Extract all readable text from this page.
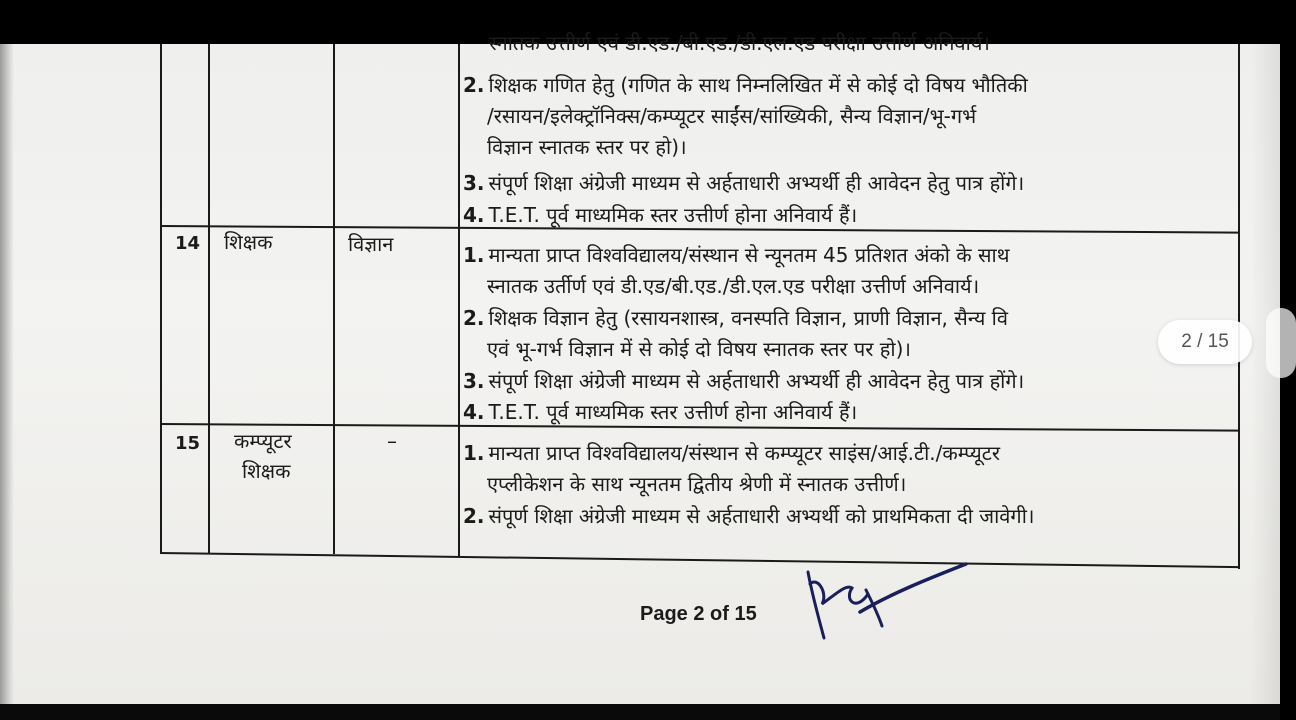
स्नातक उत्तीर्ण एवं डी.एड./बी.एड./डी.एल.एड परीक्षा उत्तीर्ण अनिवार्य।
2. शिक्षक गणित हेतु (गणित के साथ निम्नलिखित में से कोई दो विषय भौतिकी
/रसायन/इलेक्ट्रॉनिक्स/कम्प्यूटर साईंस/सांख्यिकी, सैन्य विज्ञान/भू-गर्भ
विज्ञान स्नातक स्तर पर हो)।
3. संपूर्ण शिक्षा अंग्रेजी माध्यम से अर्हताधारी अभ्यर्थी ही आवेदन हेतु पात्र होंगे।
4. T.E.T. पूर्व माध्यमिक स्तर उत्तीर्ण होना अनिवार्य हैं।
14 शिक्षक	विज्ञान	1. मान्यता प्राप्त विश्वविद्यालय/संस्थान से न्यूनतम 45 प्रतिशत अंको के साथ
स्नातक उर्तीर्ण एवं डी.एड/बी.एड./डी.एल.एड परीक्षा उत्तीर्ण अनिवार्य।
2. शिक्षक विज्ञान हेतु (रसायनशास्त्र, वनस्पति विज्ञान, प्राणी विज्ञान, सैन्य वि
एवं भू-गर्भ विज्ञान में से कोई दो विषय स्नातक स्तर पर हो)।
3. संपूर्ण शिक्षा अंग्रेजी माध्यम से अर्हताधारी अभ्यर्थी ही आवेदन हेतु पात्र होंगे।
4. T.E.T. पूर्व माध्यमिक स्तर उत्तीर्ण होना अनिवार्य हैं।
15 कम्प्यूटर
शिक्षक
–	1. मान्यता प्राप्त विश्वविद्यालय/संस्थान से कम्प्यूटर साइंस/आई.टी./कम्प्यूटर
एप्लीकेशन के साथ न्यूनतम द्वितीय श्रेणी में स्नातक उत्तीर्ण।
2. संपूर्ण शिक्षा अंग्रेजी माध्यम से अर्हताधारी अभ्यर्थी को प्राथमिकता दी जावेगी।
Page 2 of 15
2 / 15
